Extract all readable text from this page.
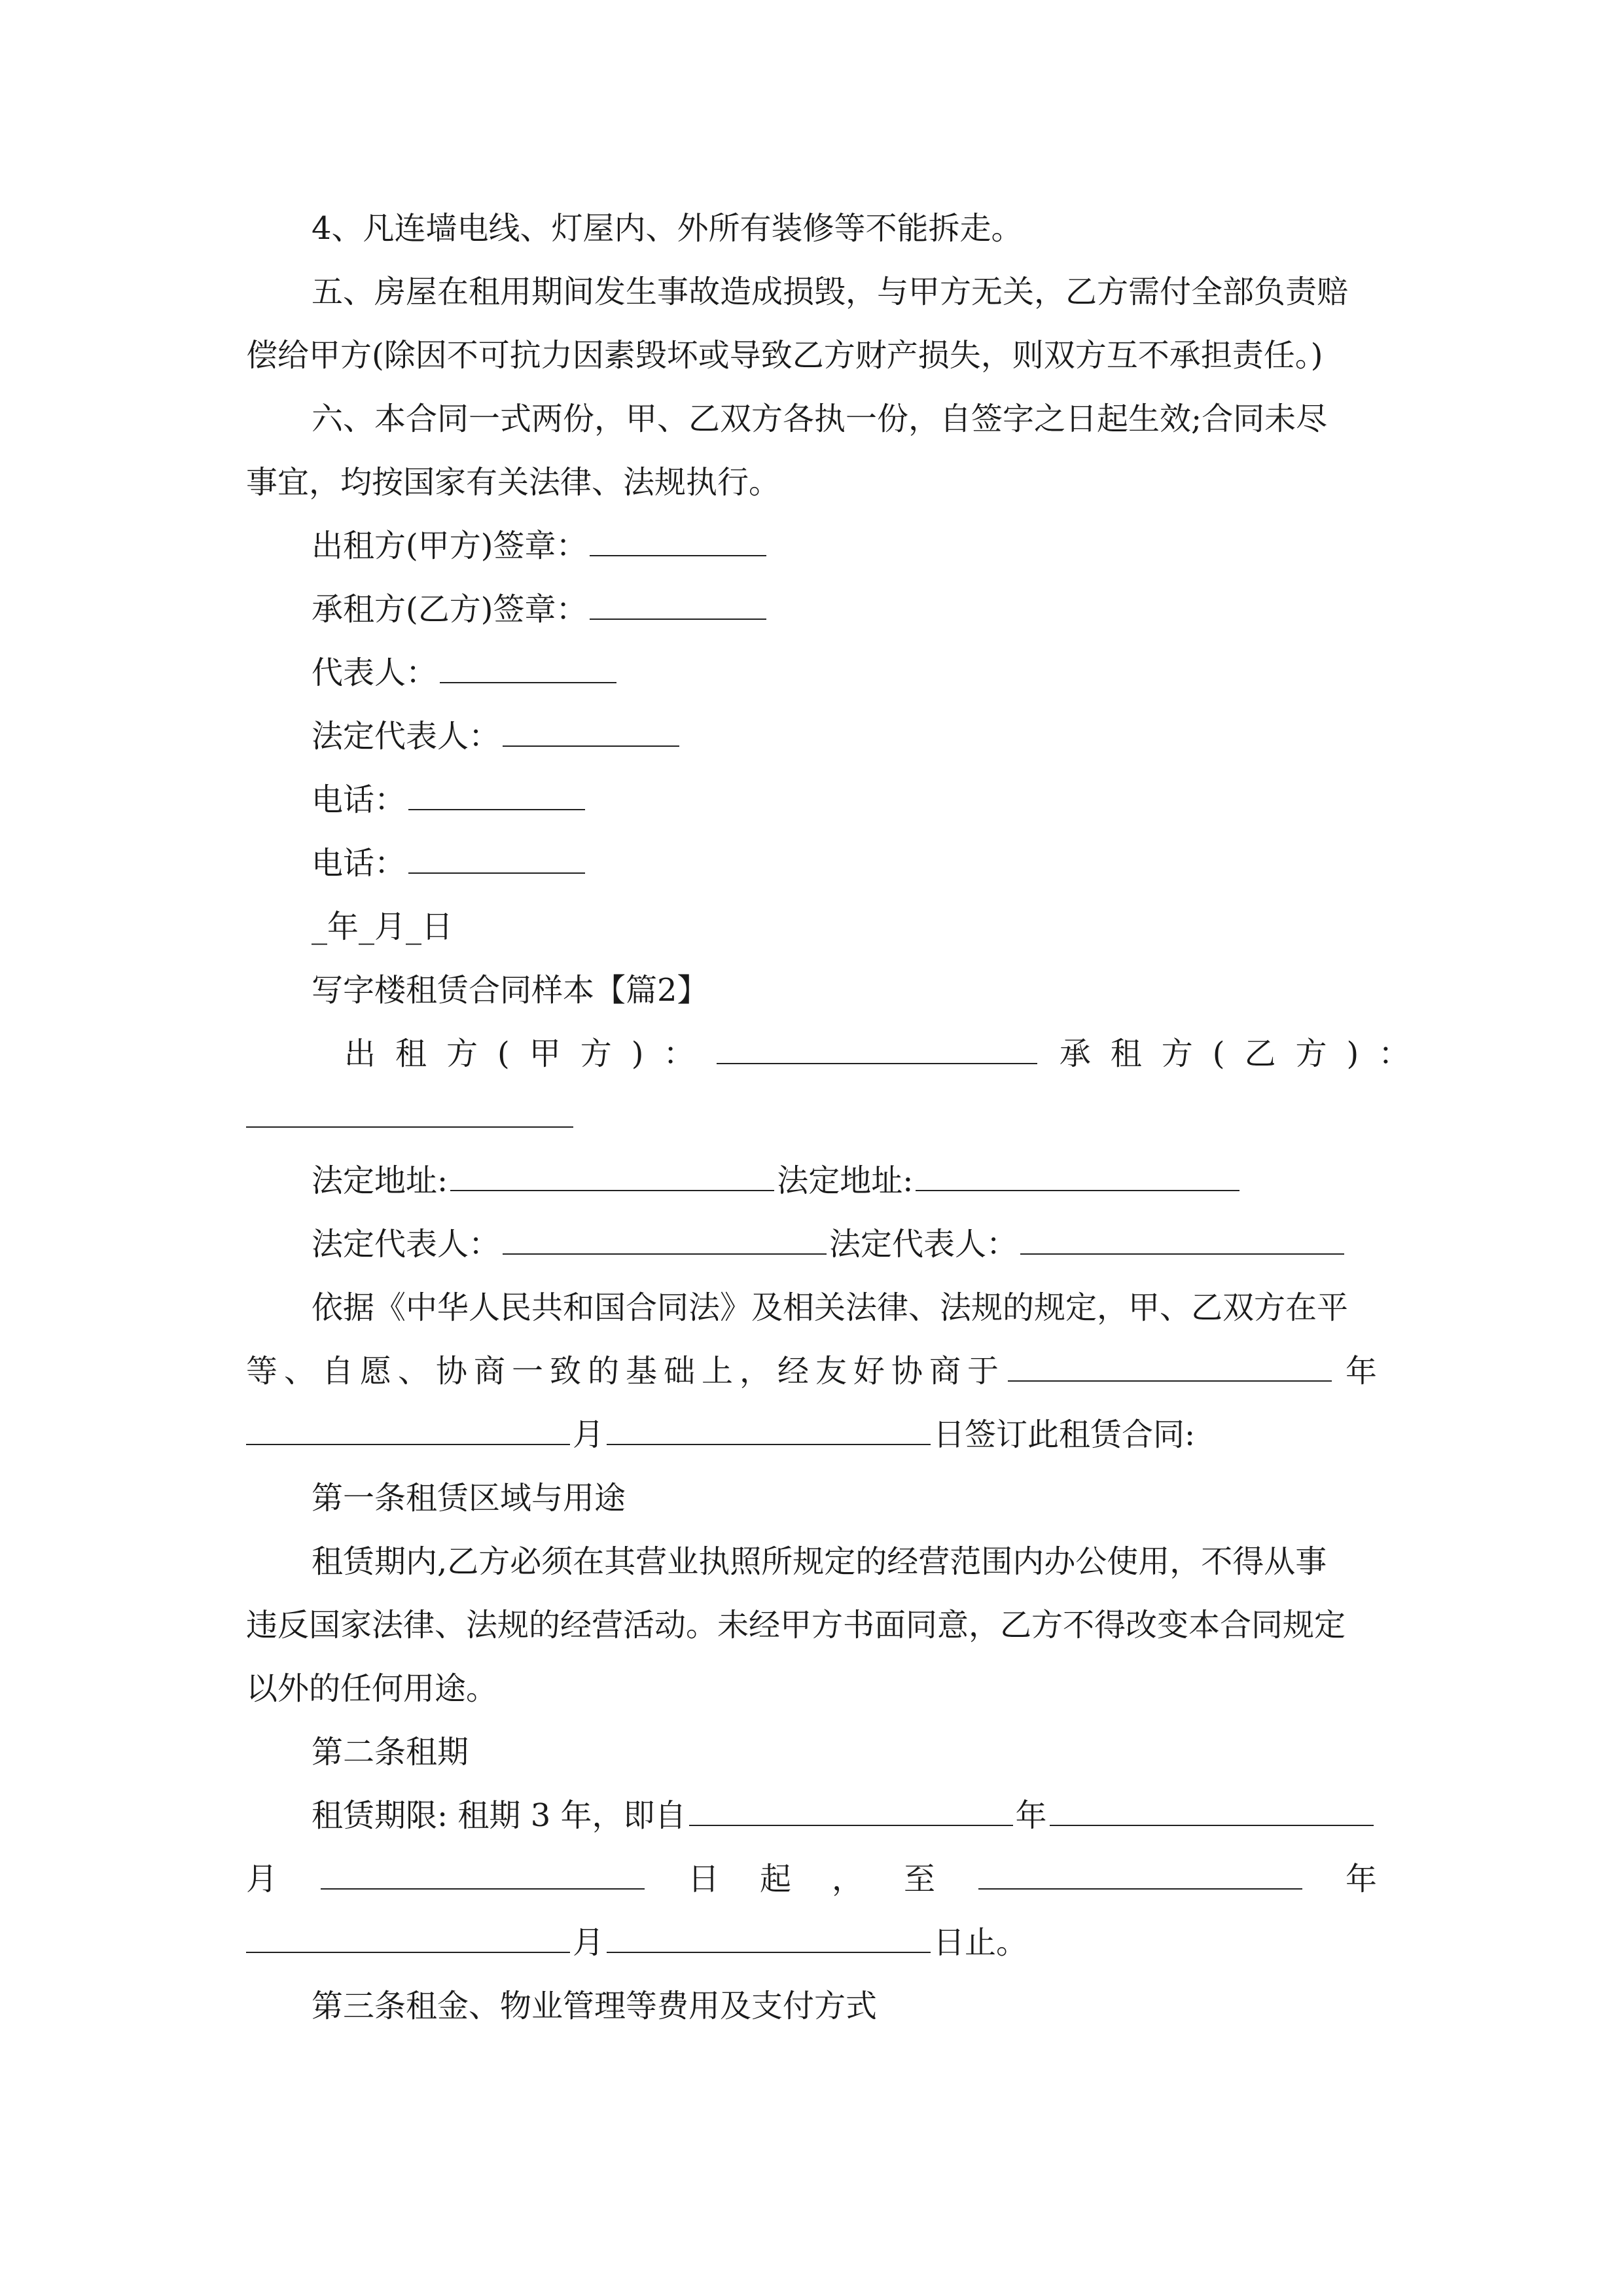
4、凡连墙电线、灯屋内、外所有装修等不能拆走。
五、房屋在租用期间发生事故造成损毁，与甲方无关，乙方需付全部负责赔
偿给甲方(除因不可抗力因素毁坏或导致乙方财产损失，则双方互不承担责任。)
六、本合同一式两份，甲、乙双方各执一份，自签字之日起生效;合同未尽
事宜，均按国家有关法律、法规执行。
出租方(甲方)签章：
承租方(乙方)签章：
代表人：
法定代表人：
电话：
电话：
_年_月_日
写字楼租赁合同样本【篇2】
出租方(甲方)：	承租方(乙方)：
法定地址:	法定地址:
法定代表人：	法定代表人：
依据《中华人民共和国合同法》及相关法律、法规的规定，甲、乙双方在平
等、自愿、协商一致的基础上，经友好协商于	年
月	日签订此租赁合同:
第一条租赁区域与用途
租赁期内,乙方必须在其营业执照所规定的经营范围内办公使用，不得从事
违反国家法律、法规的经营活动。未经甲方书面同意，乙方不得改变本合同规定
以外的任何用途。
第二条租期
租赁期限: 租期 3 年，即自	年
月	日 起 ， 至	年
月	日止。
第三条租金、物业管理等费用及支付方式
